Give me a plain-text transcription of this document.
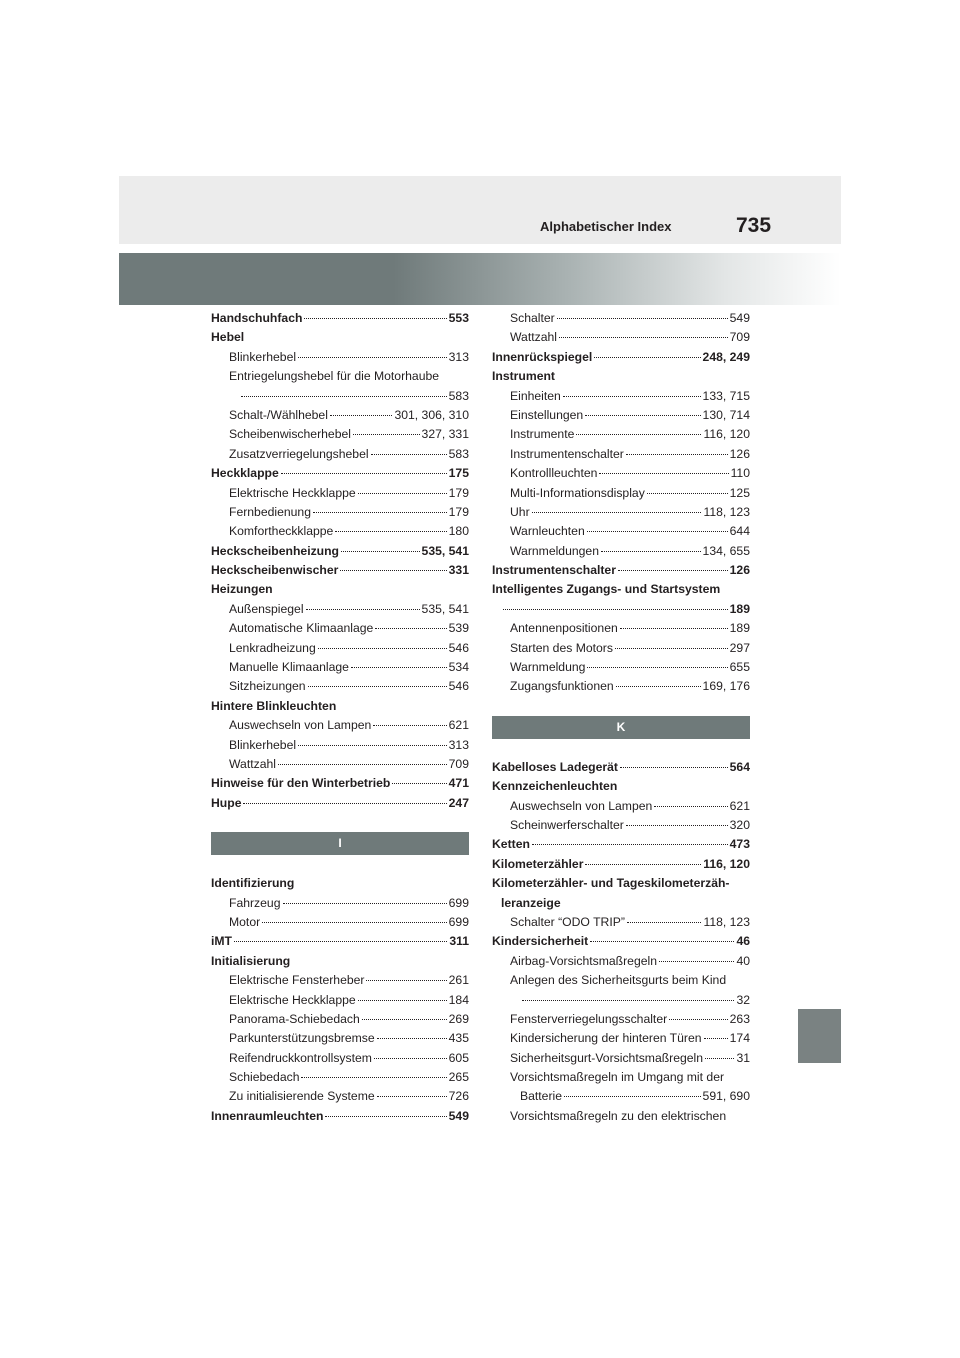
Alphabetischer Index	735
Handschuhfach	553
Hebel
Blinkerhebel	313
Entriegelungshebel für die Motorhaube
583
Schalt-/Wählhebel	301, 306, 310
Scheibenwischerhebel	327, 331
Zusatzverriegelungshebel	583
Heckklappe	175
Elektrische Heckklappe	179
Fernbedienung	179
Komfortheckklappe	180
Heckscheibenheizung	535, 541
Heckscheibenwischer	331
Heizungen
Außenspiegel	535, 541
Automatische Klimaanlage	539
Lenkradheizung	546
Manuelle Klimaanlage	534
Sitzheizungen	546
Hintere Blinkleuchten
Auswechseln von Lampen	621
Blinkerhebel	313
Wattzahl	709
Hinweise für den Winterbetrieb	471
Hupe	247
I
Identifizierung
Fahrzeug	699
Motor	699
iMT	311
Initialisierung
Elektrische Fensterheber	261
Elektrische Heckklappe	184
Panorama-Schiebedach	269
Parkunterstützungsbremse	435
Reifendruckkontrollsystem	605
Schiebedach	265
Zu initialisierende Systeme	726
Innenraumleuchten	549
Schalter	549
Wattzahl	709
Innenrückspiegel	248, 249
Instrument
Einheiten	133, 715
Einstellungen	130, 714
Instrumente	116, 120
Instrumentenschalter	126
Kontrollleuchten	110
Multi-Informationsdisplay	125
Uhr	118, 123
Warnleuchten	644
Warnmeldungen	134, 655
Instrumentenschalter	126
Intelligentes Zugangs- und Startsystem
189
Antennenpositionen	189
Starten des Motors	297
Warnmeldung	655
Zugangsfunktionen	169, 176
K
Kabelloses Ladegerät	564
Kennzeichenleuchten
Auswechseln von Lampen	621
Scheinwerferschalter	320
Ketten	473
Kilometerzähler	116, 120
Kilometerzähler- und Tageskilometerzäh-
leranzeige
Schalter “ODO TRIP”	118, 123
Kindersicherheit	46
Airbag-Vorsichtsmaßregeln	40
Anlegen des Sicherheitsgurts beim Kind
32
Fensterverriegelungsschalter	263
Kindersicherung der hinteren Türen 174
Sicherheitsgurt-Vorsichtsmaßregeln	31
Vorsichtsmaßregeln im Umgang mit der
Batterie	591, 690
Vorsichtsmaßregeln zu den elektrischen
